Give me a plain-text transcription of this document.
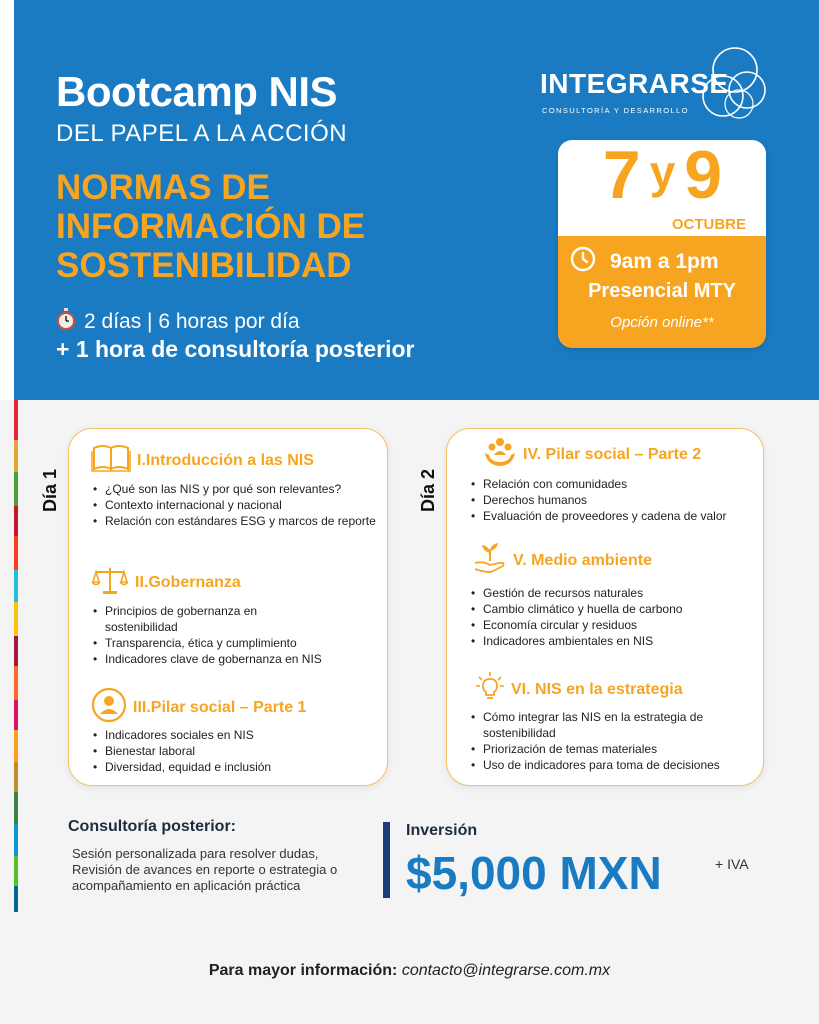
Bootcamp NIS
DEL PAPEL A LA ACCIÓN
NORMAS DE INFORMACIÓN DE SOSTENIBILIDAD
2 días | 6 horas por día
+ 1 hora de consultoría posterior
INTEGRARSE
CONSULTORÍA Y DESARROLLO
7 y 9
OCTUBRE
9am a 1pm
Presencial MTY
Opción online**
Día 1
I.Introducción a las NIS
• ¿Qué son las NIS y por qué son relevantes?
• Contexto internacional y nacional
• Relación con estándares ESG y marcos de reporte
II.Gobernanza
• Principios de gobernanza en sostenibilidad
• Transparencia, ética y cumplimiento
• Indicadores clave de gobernanza en NIS
III.Pilar social – Parte 1
• Indicadores sociales en NIS
• Bienestar laboral
• Diversidad, equidad e inclusión
Día 2
IV. Pilar social – Parte 2
• Relación con comunidades
• Derechos humanos
• Evaluación de proveedores y cadena de valor
V. Medio ambiente
• Gestión de recursos naturales
• Cambio climático y huella de carbono
• Economía circular y residuos
• Indicadores ambientales en NIS
VI. NIS en la estrategia
• Cómo integrar las NIS en la estrategia de sostenibilidad
• Priorización de temas materiales
• Uso de indicadores para toma de decisiones
Consultoría posterior:
Sesión personalizada para resolver dudas, Revisión de avances en reporte o estrategia o acompañamiento en aplicación práctica
Inversión
$5,000 MXN	+ IVA
Para mayor información: contacto@integrarse.com.mx
